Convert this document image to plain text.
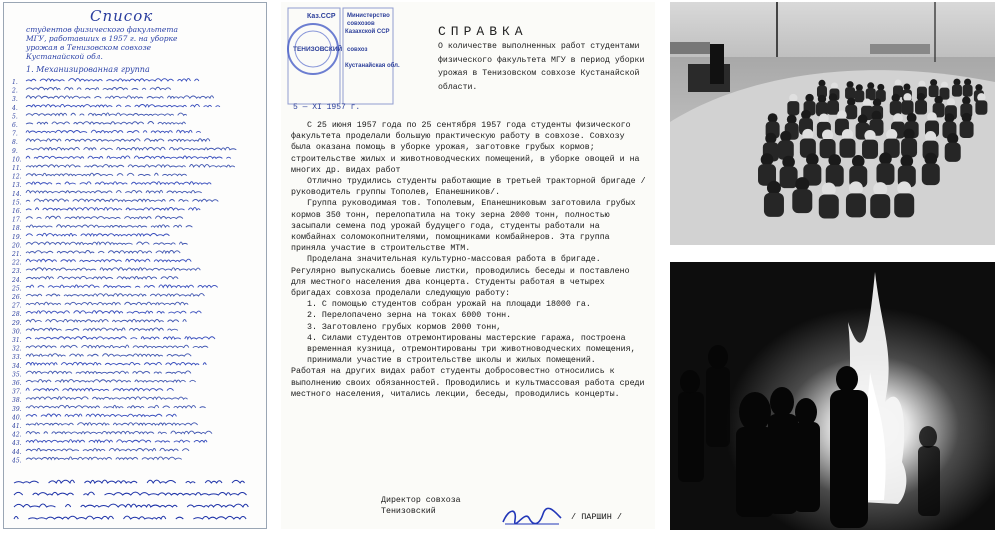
Список
студентов физического факультета
МГУ, работавших в 1957 г. на уборке
урожая в Тенизовском совхозе
Кустанайской обл.
1. Механизированная группа
1.
2.
3.
4.
5.
6.
7.
8.
9.
10.
11.
12.
13.
14.
15.
16.
17.
18.
19.
20.
21.
22.
23.
24.
25.
26.
27.
28.
29.
30.
31.
32.
33.
34.
35.
36.
37.
38.
39.
40.
41.
42.
43.
44.
45.
Каз.ССР Министерство
совхозов
Казахской ССР
ТЕНИЗОВСКИЙ совхоз
Кустанайская обл.
5 — XI 1957 г.
СПРАВКА
О количестве выполненных работ студентами физического факультета МГУ в период уборки урожая в Тенизовском совхозе Кустанайской области.

С 25 июня 1957 года по 25 сентября 1957 года студенты физического факультета проделали большую практическую работу в совхозе. Совхозу была оказана помощь в уборке урожая, заготовке грубых кормов; строительстве жилых и животноводческих помещений, в уборке овощей и на многих др. видах работ

Отлично трудились студенты работающие в третьей тракторной бригаде / руководитель группы Тополев, Епанешников/.

Группа руководимая тов. Тополевым, Епанешниковым заготовила грубых кормов 350 тонн, перелопатила на току зерна 2000 тонн, полностью засыпали семена под урожай будущего года, студенты работали на комбайнах соломокопнителями, помощниками комбайнеров. Эта группа приняла участие в строительстве МТМ.

Проделана значительная культурно-массовая работа в бригаде. Регулярно выпускались боевые листки, проводились беседы и поставлено для местного населения два концерта. Студенты работая в четырех бригадах совхоза проделали следующую работу:

1. С помощью студентов собран урожай на площади 18000 га.
2. Перелопачено зерна на токах 6000 тонн.
3. Заготовлено грубых кормов 2000 тонн,
4. Силами студентов отремонтированы мастерские гаража, построена временная кузница, отремонтированы три животноводческих помещения, принимали участие в строительстве школы и жилых помещений.

Работая на других видах работ студенты добросовестно относились к выполнению своих обязанностей. Проводились и культмассовая работа среди местного населения, читались лекции, беседы, проводились концерты.

Директор совхоза
Тенизовский
/ ПАРШИН /
